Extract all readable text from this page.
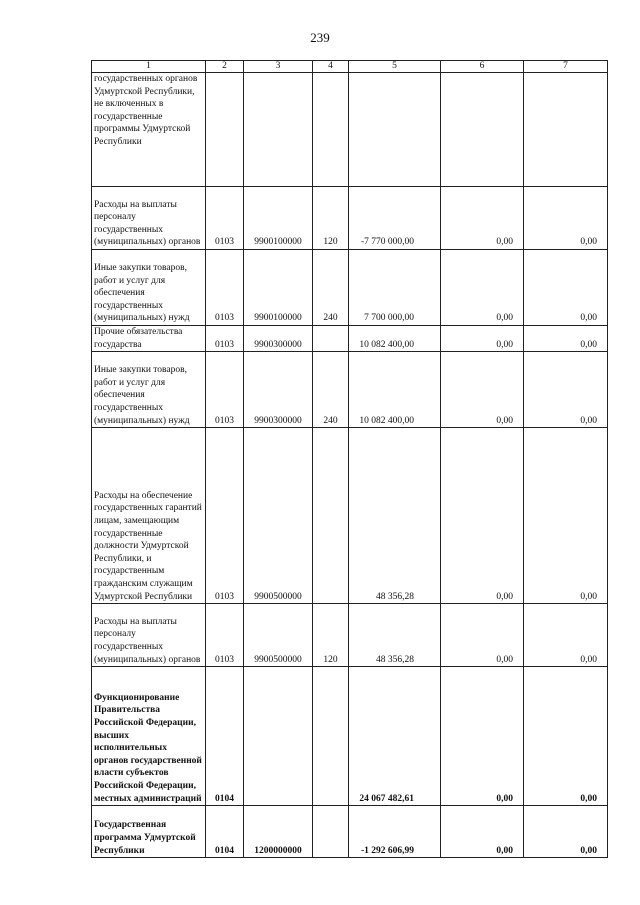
239
1	2	3	4	5	6	7
государственных органов Удмуртской Республики, не включенных в государственные программы Удмуртской Республики						
Расходы на выплаты персоналу государственных (муниципальных) органов	0103	9900100000	120	-7 770 000,00	0,00	0,00
Иные закупки товаров, работ и услуг для обеспечения государственных (муниципальных) нужд	0103	9900100000	240	7 700 000,00	0,00	0,00
Прочие обязательства государства	0103	9900300000		10 082 400,00	0,00	0,00
Иные закупки товаров, работ и услуг для обеспечения государственных (муниципальных) нужд	0103	9900300000	240	10 082 400,00	0,00	0,00
Расходы на обеспечение государственных гарантий лицам, замещающим государственные должности Удмуртской Республики, и государственным гражданским служащим Удмуртской Республики	0103	9900500000		48 356,28	0,00	0,00
Расходы на выплаты персоналу государственных (муниципальных) органов	0103	9900500000	120	48 356,28	0,00	0,00
Функционирование Правительства Российской Федерации, высших исполнительных органов государственной власти субъектов Российской Федерации, местных администраций	0104			24 067 482,61	0,00	0,00
Государственная программа Удмуртской Республики	0104	1200000000		-1 292 606,99	0,00	0,00
